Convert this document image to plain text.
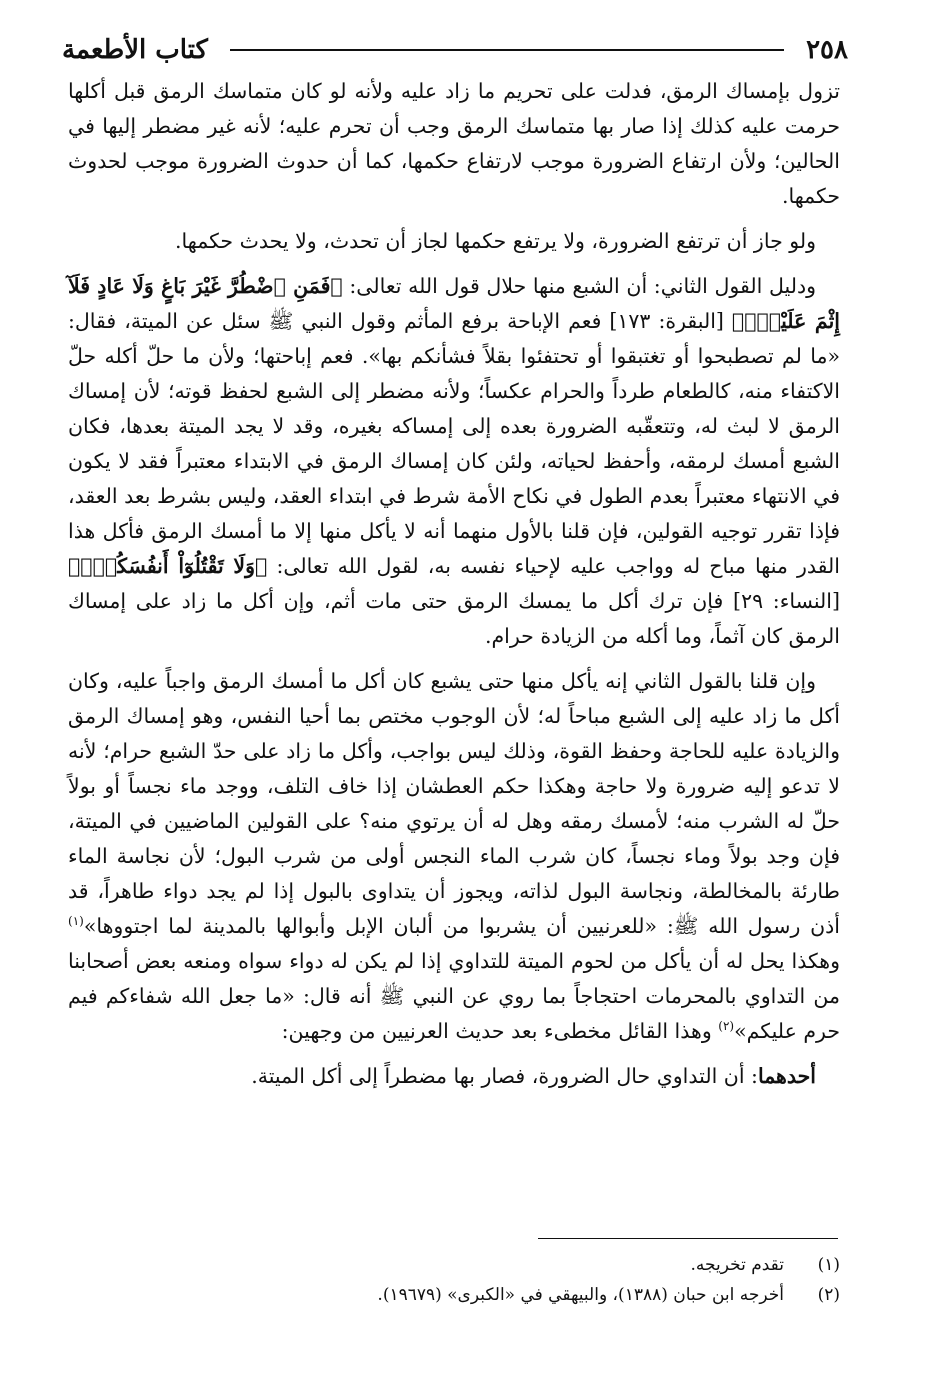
٢٥٨
كتاب الأطعمة

تزول بإمساك الرمق، فدلت على تحريم ما زاد عليه ولأنه لو كان متماسك الرمق قبل أكلها حرمت عليه كذلك إذا صار بها متماسك الرمق وجب أن تحرم عليه؛ لأنه غير مضطر إليها في الحالين؛ ولأن ارتفاع الضرورة موجب لارتفاع حكمها، كما أن حدوث الضرورة موجب لحدوث حكمها.

ولو جاز أن ترتفع الضرورة، ولا يرتفع حكمها لجاز أن تحدث، ولا يحدث حكمها.

ودليل القول الثاني: أن الشبع منها حلال قول الله تعالى: ﴿فَمَنِ ٱضْطُرَّ غَيْرَ بَاغٍ وَلَا عَادٍ فَلَآ إِثْمَ عَلَيْهِۚ﴾ [البقرة: ١٧٣] فعم الإباحة برفع المأثم وقول النبي ﷺ سئل عن الميتة، فقال: «ما لم تصطبحوا أو تغتبقوا أو تحتفئوا بقلاً فشأنكم بها». فعم إباحتها؛ ولأن ما حلّ أكله حلّ الاكتفاء منه، كالطعام طرداً والحرام عكساً؛ ولأنه مضطر إلى الشبع لحفظ قوته؛ لأن إمساك الرمق لا لبث له، وتتعقّبه الضرورة بعده إلى إمساكه بغيره، وقد لا يجد الميتة بعدها، فكان الشبع أمسك لرمقه، وأحفظ لحياته، ولئن كان إمساك الرمق في الابتداء معتبراً فقد لا يكون في الانتهاء معتبراً بعدم الطول في نكاح الأمة شرط في ابتداء العقد، وليس بشرط بعد العقد، فإذا تقرر توجيه القولين، فإن قلنا بالأول منهما أنه لا يأكل منها إلا ما أمسك الرمق فأكل هذا القدر منها مباح له وواجب عليه لإحياء نفسه به، لقول الله تعالى: ﴿وَلَا تَقْتُلُوٓاْ أَنفُسَكُمْۚ﴾ [النساء: ٢٩] فإن ترك أكل ما يمسك الرمق حتى مات أثم، وإن أكل ما زاد على إمساك الرمق كان آثماً، وما أكله من الزيادة حرام.

وإن قلنا بالقول الثاني إنه يأكل منها حتى يشبع كان أكل ما أمسك الرمق واجباً عليه، وكان أكل ما زاد عليه إلى الشبع مباحاً له؛ لأن الوجوب مختص بما أحيا النفس، وهو إمساك الرمق والزيادة عليه للحاجة وحفظ القوة، وذلك ليس بواجب، وأكل ما زاد على حدّ الشبع حرام؛ لأنه لا تدعو إليه ضرورة ولا حاجة وهكذا حكم العطشان إذا خاف التلف، ووجد ماء نجساً أو بولاً حلّ له الشرب منه؛ لأمسك رمقه وهل له أن يرتوي منه؟ على القولين الماضيين في الميتة، فإن وجد بولاً وماء نجساً، كان شرب الماء النجس أولى من شرب البول؛ لأن نجاسة الماء طارئة بالمخالطة، ونجاسة البول لذاته، ويجوز أن يتداوى بالبول إذا لم يجد دواء طاهراً، قد أذن رسول الله ﷺ: «للعرنيين أن يشربوا من ألبان الإبل وأبوالها بالمدينة لما اجتووها»$^{(١)}$ وهكذا يحل له أن يأكل من لحوم الميتة للتداوي إذا لم يكن له دواء سواه ومنعه بعض أصحابنا من التداوي بالمحرمات احتجاجاً بما روي عن النبي ﷺ أنه قال: «ما جعل الله شفاءكم فيم حرم عليكم»$^{(٢)}$ وهذا القائل مخطىء بعد حديث العرنيين من وجهين:

أحدهما: أن التداوي حال الضرورة، فصار بها مضطراً إلى أكل الميتة.

(١)
تقدم تخريجه.
(٢)
أخرجه ابن حبان (١٣٨٨)، والبيهقي في «الكبرى» (١٩٦٧٩).
